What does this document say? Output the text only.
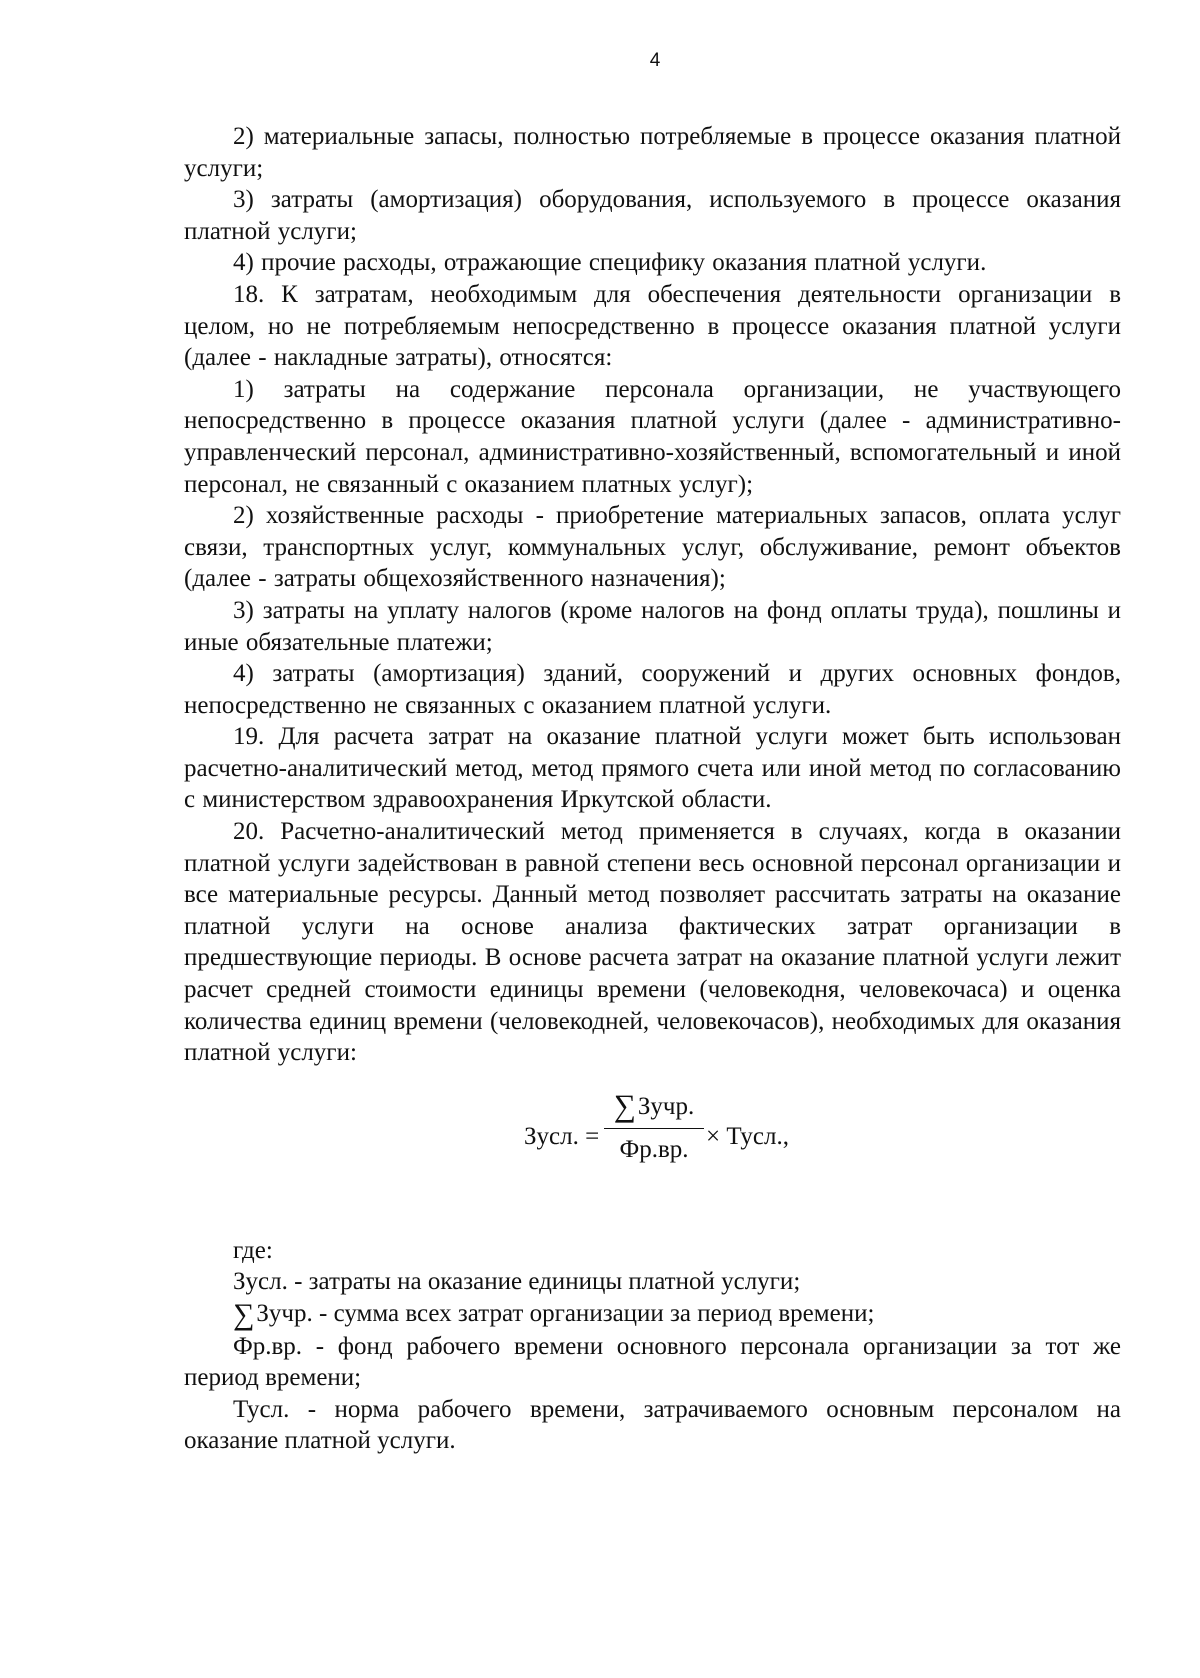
4

2) материальные запасы, полностью потребляемые в процессе оказания платной услуги;

3) затраты (амортизация) оборудования, используемого в процессе оказания платной услуги;

4) прочие расходы, отражающие специфику оказания платной услуги.

18. К затратам, необходимым для обеспечения деятельности организации в целом, но не потребляемым непосредственно в процессе оказания платной услуги (далее - накладные затраты), относятся:

1) затраты на содержание персонала организации, не участвующего непосредственно в процессе оказания платной услуги (далее - административно-управленческий персонал, административно-хозяйственный, вспомогательный и иной персонал, не связанный с оказанием платных услуг);

2) хозяйственные расходы - приобретение материальных запасов, оплата услуг связи, транспортных услуг, коммунальных услуг, обслуживание, ремонт объектов (далее - затраты общехозяйственного назначения);

3) затраты на уплату налогов (кроме налогов на фонд оплаты труда), пошлины и иные обязательные платежи;

4) затраты (амортизация) зданий, сооружений и других основных фондов, непосредственно не связанных с оказанием платной услуги.

19. Для расчета затрат на оказание платной услуги может быть использован расчетно-аналитический метод, метод прямого счета или иной метод по согласованию с министерством здравоохранения Иркутской области.

20. Расчетно-аналитический метод применяется в случаях, когда в оказании платной услуги задействован в равной степени весь основной персонал организации и все материальные ресурсы. Данный метод позволяет рассчитать затраты на оказание платной услуги на основе анализа фактических затрат организации в предшествующие периоды. В основе расчета затрат на оказание платной услуги лежит расчет средней стоимости единицы времени (человекодня, человекочаса) и оценка количества единиц времени (человекодней, человекочасов), необходимых для оказания платной услуги:

Зусл. =
∑Зучр.
Фр.вр. × Тусл.,

где:

Зусл. - затраты на оказание единицы платной услуги;

∑Зучр. - сумма всех затрат организации за период времени;

Фр.вр. - фонд рабочего времени основного персонала организации за тот же период времени;

Тусл. - норма рабочего времени, затрачиваемого основным персоналом на оказание платной услуги.
